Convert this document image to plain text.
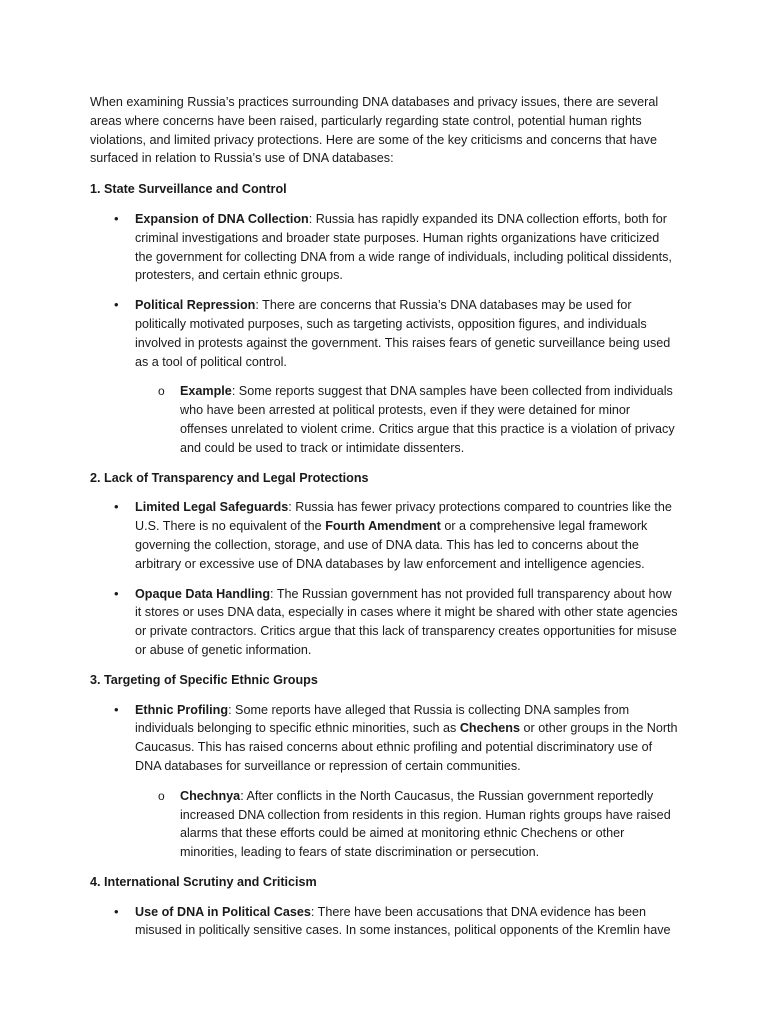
When examining Russia’s practices surrounding DNA databases and privacy issues, there are several areas where concerns have been raised, particularly regarding state control, potential human rights violations, and limited privacy protections. Here are some of the key criticisms and concerns that have surfaced in relation to Russia’s use of DNA databases:

1. State Surveillance and Control

• Expansion of DNA Collection: Russia has rapidly expanded its DNA collection efforts, both for criminal investigations and broader state purposes. Human rights organizations have criticized the government for collecting DNA from a wide range of individuals, including political dissidents, protesters, and certain ethnic groups.
• Political Repression: There are concerns that Russia’s DNA databases may be used for politically motivated purposes, such as targeting activists, opposition figures, and individuals involved in protests against the government. This raises fears of genetic surveillance being used as a tool of political control.
o Example: Some reports suggest that DNA samples have been collected from individuals who have been arrested at political protests, even if they were detained for minor offenses unrelated to violent crime. Critics argue that this practice is a violation of privacy and could be used to track or intimidate dissenters.

2. Lack of Transparency and Legal Protections

• Limited Legal Safeguards: Russia has fewer privacy protections compared to countries like the U.S. There is no equivalent of the Fourth Amendment or a comprehensive legal framework governing the collection, storage, and use of DNA data. This has led to concerns about the arbitrary or excessive use of DNA databases by law enforcement and intelligence agencies.
• Opaque Data Handling: The Russian government has not provided full transparency about how it stores or uses DNA data, especially in cases where it might be shared with other state agencies or private contractors. Critics argue that this lack of transparency creates opportunities for misuse or abuse of genetic information.

3. Targeting of Specific Ethnic Groups

• Ethnic Profiling: Some reports have alleged that Russia is collecting DNA samples from individuals belonging to specific ethnic minorities, such as Chechens or other groups in the North Caucasus. This has raised concerns about ethnic profiling and potential discriminatory use of DNA databases for surveillance or repression of certain communities.
o Chechnya: After conflicts in the North Caucasus, the Russian government reportedly increased DNA collection from residents in this region. Human rights groups have raised alarms that these efforts could be aimed at monitoring ethnic Chechens or other minorities, leading to fears of state discrimination or persecution.

4. International Scrutiny and Criticism

• Use of DNA in Political Cases: There have been accusations that DNA evidence has been misused in politically sensitive cases. In some instances, political opponents of the Kremlin have
